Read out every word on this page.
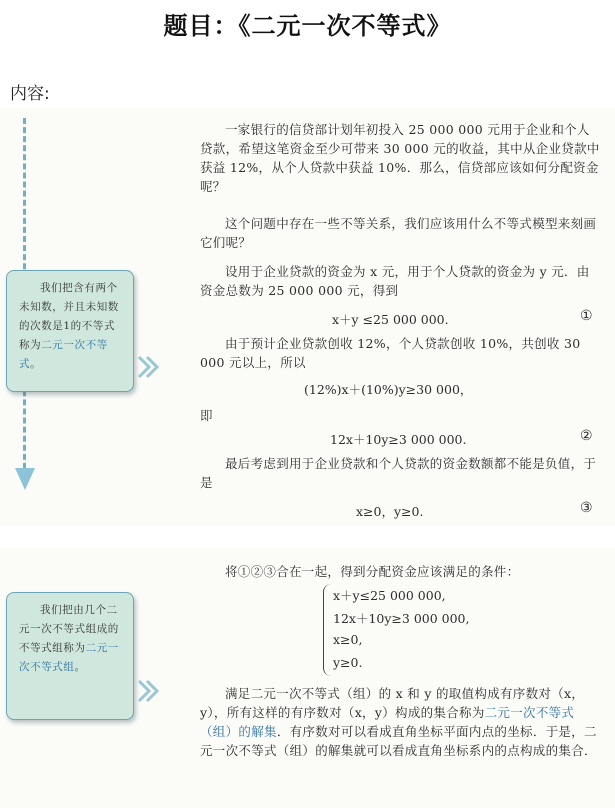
题目：《二元一次不等式》
内容:

我们把含有两个未知数，并且未知数的次数是1的不等式称为二元一次不等式。

我们把由几个二元一次不等式组成的不等式组称为二元一次不等式组。

一家银行的信贷部计划年初投入 25 000 000 元用于企业和个人贷款，希望这笔资金至少可带来 30 000 元的收益，其中从企业贷款中获益 12%，从个人贷款中获益 10%．那么，信贷部应该如何分配资金呢？
这个问题中存在一些不等关系，我们应该用什么不等式模型来刻画它们呢？
设用于企业贷款的资金为 x 元，用于个人贷款的资金为 y 元．由资金总数为 25 000 000 元，得到
x＋y ≤25 000 000.	①
由于预计企业贷款创收 12%，个人贷款创收 10%，共创收 30 000 元以上，所以
(12%)x＋(10%)y≥30 000，
即
12x＋10y≥3 000 000.	②
最后考虑到用于企业贷款和个人贷款的资金数额都不能是负值，于是
x≥0，y≥0.	③
将①②③合在一起，得到分配资金应该满足的条件：
x＋y≤25 000 000,
12x＋10y≥3 000 000,
x≥0,
y≥0.
满足二元一次不等式（组）的 x 和 y 的取值构成有序数对（x，y），所有这样的有序数对（x，y）构成的集合称为二元一次不等式（组）的解集．有序数对可以看成直角坐标平面内点的坐标．于是，二元一次不等式（组）的解集就可以看成直角坐标系内的点构成的集合．
